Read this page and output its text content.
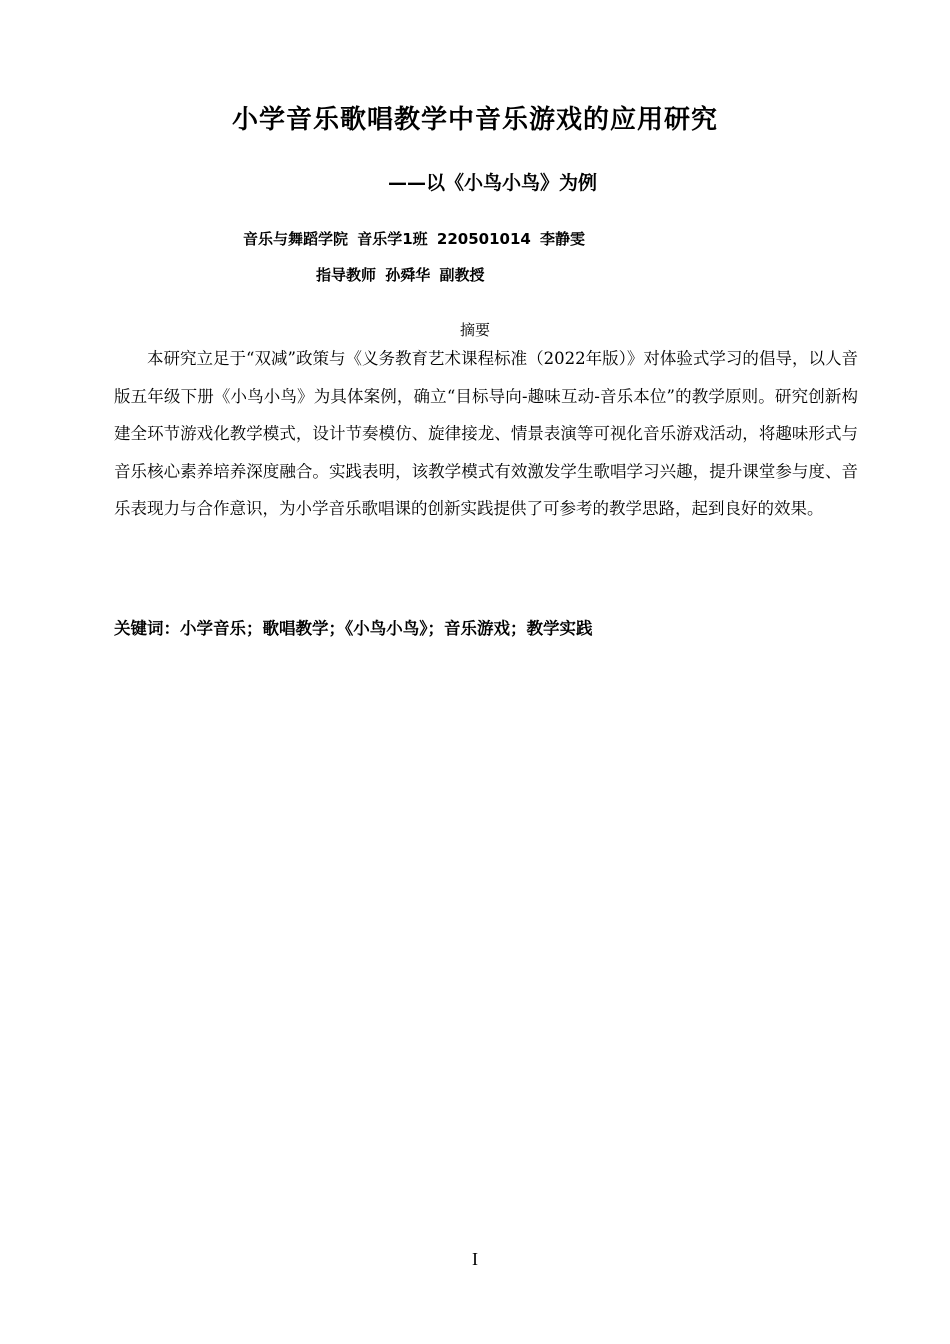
小学音乐歌唱教学中音乐游戏的应用研究
——以《小鸟小鸟》为例
音乐与舞蹈学院 音乐学1班 220501014 李静雯
指导教师 孙舜华 副教授
摘要

本研究立足于“双减”政策与《义务教育艺术课程标准（2022年版）》对体验式学习的倡导，以人音版五年级下册《小鸟小鸟》为具体案例，确立“目标导向-趣味互动-音乐本位”的教学原则。研究创新构建全环节游戏化教学模式，设计节奏模仿、旋律接龙、情景表演等可视化音乐游戏活动，将趣味形式与音乐核心素养培养深度融合。实践表明，该教学模式有效激发学生歌唱学习兴趣，提升课堂参与度、音乐表现力与合作意识，为小学音乐歌唱课的创新实践提供了可参考的教学思路，起到良好的效果。

关键词：小学音乐；歌唱教学；《小鸟小鸟》；音乐游戏；教学实践
I
